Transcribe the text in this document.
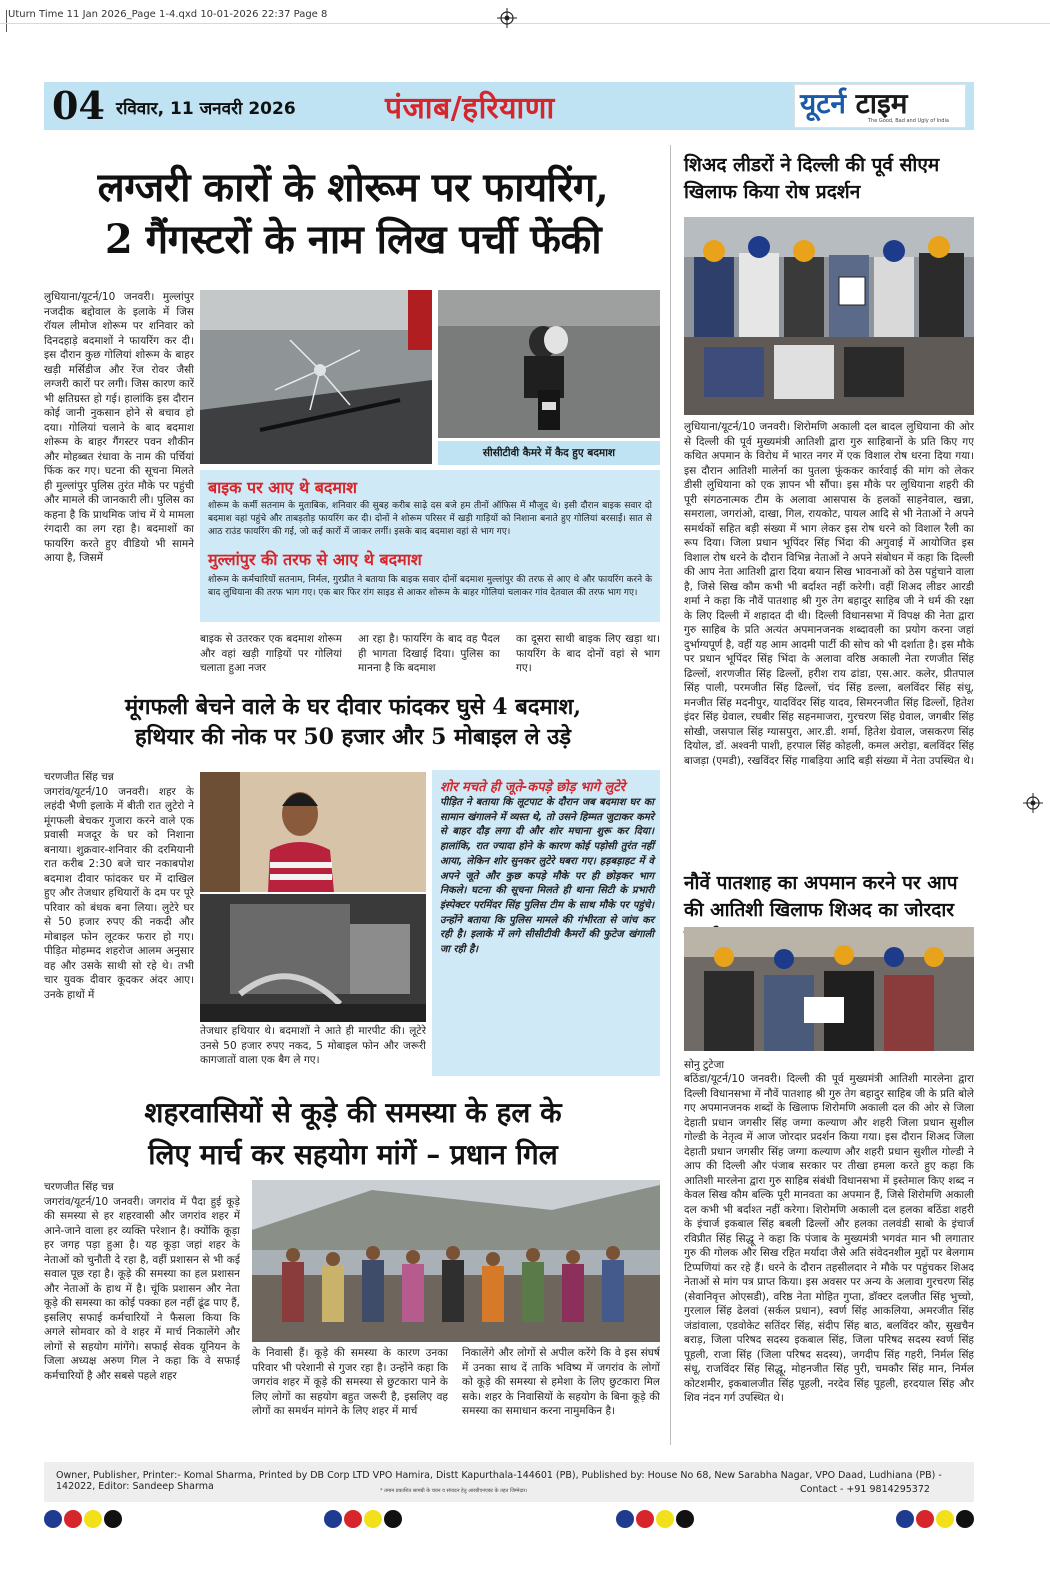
Uturn Time 11 Jan 2026_Page 1-4.qxd 10-01-2026 22:37 Page 8
04 रविवार, 11 जनवरी 2026	पंजाब/हरियाणा	यूटर्न टाइम
The Good, Bad and Ugly of India
लग्जरी कारों के शोरूम पर फायरिंग,
2 गैंगस्टरों के नाम लिख पर्ची फेंकी
लुधियाना/यूटर्न/10 जनवरी। मुल्लांपुर नजदीक बद्दोवाल के इलाके में जिस रॉयल लीमोज शोरूम पर शनिवार को दिनदहाड़े बदमाशों ने फायरिंग कर दी। इस दौरान कुछ गोलियां शोरूम के बाहर खड़ी मर्सिडीज और रेंज रोवर जैसी लग्जरी कारों पर लगी। जिस कारण कारें भी क्षतिग्रस्त हो गई। हालांकि इस दौरान कोई जानी नुकसान होने से बचाव हो दया। गोलियां चलाने के बाद बदमाश शोरूम के बाहर गैंगस्टर पवन शौकीन और मोहब्बत रंधावा के नाम की पर्चियां फिंक कर गए। घटना की सूचना मिलते ही मुल्लांपुर पुलिस तुरंत मौके पर पहुंची और मामले की जानकारी ली। पुलिस का कहना है कि प्राथमिक जांच में ये मामला रंगदारी का लग रहा है। बदमाशों का फायरिंग करते हुए वीडियो भी सामने आया है, जिसमें
सीसीटीवी कैमरे में कैद हुए बदमाश
बाइक पर आए थे बदमाश
शोरूम के कर्मी सतनाम के मुताबिक, शनिवार की सुबह करीब साढ़े दस बजे हम तीनों ऑफिस में मौजूद थे। इसी दौरान बाइक सवार दो बदमाश वहां पहुंचे और ताबड़तोड़ फायरिंग कर दी। दोनों ने शोरूम परिसर में खड़ी गाड़ियों को निशाना बनाते हुए गोलियां बरसाईं। सात से आठ राउंड फायरिंग की गई, जो कई कारों में जाकर लगीं। इसके बाद बदमाश वहां से भाग गए।
मुल्लांपुर की तरफ से आए थे बदमाश
शोरूम के कर्मचारियों सतनाम, निर्मल, गुरप्रीत ने बताया कि बाइक सवार दोनों बदमाश मुल्लांपुर की तरफ से आए थे और फायरिंग करने के बाद लुधियाना की तरफ भाग गए। एक बार फिर रांग साइड से आकर शोरूम के बाहर गोलियां चलाकर गांव देतवाल की तरफ भाग गए।
बाइक से उतरकर एक बदमाश शोरूम और वहां खड़ी गाड़ियों पर गोलियां चलाता हुआ नजर
आ रहा है। फायरिंग के बाद वह पैदल ही भागता दिखाई दिया। पुलिस का मानना है कि बदमाश
का दूसरा साथी बाइक लिए खड़ा था। फायरिंग के बाद दोनों वहां से भाग गए।
मूंगफली बेचने वाले के घर दीवार फांदकर घुसे 4 बदमाश,
हथियार की नोक पर 50 हजार और 5 मोबाइल ले उड़े

चरणजीत सिंह चन्न

जगरांव/यूटर्न/10 जनवरी। शहर के लहंदी भैणी इलाके में बीती रात लुटेरो ने मूंगफली बेचकर गुजारा करने वाले एक प्रवासी मजदूर के घर को निशाना बनाया। शुक्रवार-शनिवार की दरमियानी रात करीब 2:30 बजे चार नकाबपोश बदमाश दीवार फांदकर घर में दाखिल हुए और तेजधार हथियारों के दम पर पूरे परिवार को बंधक बना लिया। लुटेरे घर से 50 हजार रुपए की नकदी और मोबाइल फोन लूटकर फरार हो गए। पीड़ित मोहम्मद शहरोज आलम अनुसार वह और उसके साथी सो रहे थे। तभी चार युवक दीवार कूदकर अंदर आए। उनके हाथों में

तेजधार हथियार थे। बदमाशों ने आते ही मारपीट की। लूटेरे उनसे 50 हजार रुपए नकद, 5 मोबाइल फोन और जरूरी कागजातों वाला एक बैग ले गए।
शोर मचते ही जूते-कपड़े छोड़ भागे लुटेरे
पीड़ित ने बताया कि लूटपाट के दौरान जब बदमाश घर का सामान खंगालने में व्यस्त थे, तो उसने हिम्मत जुटाकर कमरे से बाहर दौड़ लगा दी और शोर मचाना शुरू कर दिया। हालांकि, रात ज्यादा होने के कारण कोई पड़ोसी तुरंत नहीं आया, लेकिन शोर सुनकर लुटेरे घबरा गए। हड़बड़ाहट में वे अपने जूते और कुछ कपड़े मौके पर ही छोड़कर भाग निकले। घटना की सूचना मिलते ही थाना सिटी के प्रभारी इंस्पेक्टर परमिंदर सिंह पुलिस टीम के साथ मौके पर पहुंचे। उन्होंने बताया कि पुलिस मामले की गंभीरता से जांच कर रही है। इलाके में लगे सीसीटीवी कैमरों की फुटेज खंगाली जा रही है।
शहरवासियों से कूड़े की समस्या के हल के
लिए मार्च कर सहयोग मांगें – प्रधान गिल

चरणजीत सिंह चन्न

जगरांव/यूटर्न/10 जनवरी। जगरांव में पैदा हुई कूड़े की समस्या से हर शहरवासी और जगरांव शहर में आने-जाने वाला हर व्यक्ति परेशान है। क्योंकि कूड़ा हर जगह पड़ा हुआ है। यह कूड़ा जहां शहर के नेताओं को चुनौती दे रहा है, वहीं प्रशासन से भी कई सवाल पूछ रहा है। कूड़े की समस्या का हल प्रशासन और नेताओं के हाथ में है। चूंकि प्रशासन और नेता कूड़े की समस्या का कोई पक्का हल नहीं ढूंढ पाए हैं, इसलिए सफाई कर्मचारियों ने फैसला किया कि अगले सोमवार को वे शहर में मार्च निकालेंगे और लोगों से सहयोग मांगेंगे। सफाई सेवक यूनियन के जिला अध्यक्ष अरुण गिल ने कहा कि वे सफाई कर्मचारियों है और सबसे पहले शहर

के निवासी हैं। कूड़े की समस्या के कारण उनका परिवार भी परेशानी से गुजर रहा है। उन्होंने कहा कि जगरांव शहर में कूड़े की समस्या से छुटकारा पाने के लिए लोगों का सहयोग बहुत जरूरी है, इसलिए वह लोगों का समर्थन मांगने के लिए शहर में मार्च
निकालेंगे और लोगों से अपील करेंगे कि वे इस संघर्ष में उनका साथ दें ताकि भविष्य में जगरांव के लोगों को कूड़े की समस्या से हमेशा के लिए छुटकारा मिल सके। शहर के निवासियों के सहयोग के बिना कूड़े की समस्या का समाधान करना नामुमकिन है।
शिअद लीडरों ने दिल्ली की पूर्व सीएम खिलाफ किया रोष प्रदर्शन
लुधियाना/यूटर्न/10 जनवरी। शिरोमणि अकाली दल बादल लुधियाना की ओर से दिल्ली की पूर्व मुख्यमंत्री आतिशी द्वारा गुरु साहिबानों के प्रति किए गए कथित अपमान के विरोध में भारत नगर में एक विशाल रोष धरना दिया गया। इस दौरान आतिशी मालेर्ना का पुतला फूंककर कार्रवाई की मांग को लेकर डीसी लुधियाना को एक ज्ञापन भी सौंपा। इस मौके पर लुधियाना शहरी की पूरी संगठनात्मक टीम के अलावा आसपास के हलकों साहनेवाल, खन्ना, समराला, जगरांओ, दाखा, गिल, रायकोट, पायल आदि से भी नेताओं ने अपने समर्थकों सहित बड़ी संख्या में भाग लेकर इस रोष धरने को विशाल रैली का रूप दिया। जिला प्रधान भूपिंदर सिंह भिंदा की अगुवाई में आयोजित इस विशाल रोष धरने के दौरान विभिन्न नेताओं ने अपने संबोधन में कहा कि दिल्ली की आप नेता आतिशी द्वारा दिया बयान सिख भावनाओं को ठेस पहुंचाने वाला है, जिसे सिख कौम कभी भी बर्दाश्त नहीं करेगी। वहीं शिअद लीडर आरडी शर्मा ने कहा कि नौवें पातशाह श्री गुरु तेग बहादुर साहिब जी ने धर्म की रक्षा के लिए दिल्ली में शहादत दी थी। दिल्ली विधानसभा में विपक्ष की नेता द्वारा गुरु साहिब के प्रति अत्यंत अपमानजनक शब्दावली का प्रयोग करना जहां दुर्भाग्यपूर्ण है, वहीं यह आम आदमी पार्टी की सोच को भी दर्शाता है। इस मौके पर प्रधान भूपिंदर सिंह भिंदा के अलावा वरिष्ठ अकाली नेता रणजीत सिंह ढिल्लों, शरणजीत सिंह ढिल्लों, हरीश राय ढांडा, एस.आर. कलेर, प्रीतपाल सिंह पाली, परमजीत सिंह ढिल्लों, चंद सिंह डल्ला, बलविंदर सिंह संधू, मनजीत सिंह मदनीपुर, यादविंदर सिंह यादव, सिमरनजीत सिंह ढिल्लों, हितेश इंदर सिंह ग्रेवाल, रघबीर सिंह सहनमाजरा, गुरचरण सिंह ग्रेवाल, जगबीर सिंह सोखी, जसपाल सिंह ग्यासपुरा, आर.डी. शर्मा, हितेश ग्रेवाल, जसकरण सिंह दियोल, डॉ. अश्वनी पाशी, हरपाल सिंह कोहली, कमल अरोड़ा, बलविंदर सिंह बाजड़ा (एमडी), रखविंदर सिंह गाबड़िया आदि बड़ी संख्या में नेता उपस्थित थे।
नौवें पातशाह का अपमान करने पर आप की आतिशी खिलाफ शिअद का जोरदार
सोनु टुटेजा
बठिंडा/यूटर्न/10 जनवरी। दिल्ली की पूर्व मुख्यमंत्री आतिशी मारलेना द्वारा दिल्ली विधानसभा में नौवें पातशाह श्री गुरु तेग बहादुर साहिब जी के प्रति बोले गए अपमानजनक शब्दों के खिलाफ शिरोमणि अकाली दल की ओर से जिला देहाती प्रधान जगसीर सिंह जग्गा कल्याण और शहरी जिला प्रधान सुशील गोल्डी के नेतृत्व में आज जोरदार प्रदर्शन किया गया। इस दौरान शिअद जिला देहाती प्रधान जगसीर सिंह जग्गा कल्याण और शहरी प्रधान सुशील गोल्डी ने आप की दिल्ली और पंजाब सरकार पर तीखा हमला करते हुए कहा कि आतिशी मारलेना द्वारा गुरु साहिब संबंधी विधानसभा में इस्तेमाल किए शब्द न केवल सिख कौम बल्कि पूरी मानवता का अपमान हैं, जिसे शिरोमणि अकाली दल कभी भी बर्दाश्त नहीं करेगा। शिरोमणि अकाली दल हलका बठिंडा शहरी के इंचार्ज इकबाल सिंह बबली ढिल्लों और हलका तलवंडी साबो के इंचार्ज रविप्रीत सिंह सिद्धू ने कहा कि पंजाब के मुख्यमंत्री भगवंत मान भी लगातार गुरु की गोलक और सिख रहित मर्यादा जैसे अति संवेदनशील मुद्दों पर बेलगाम टिप्पणियां कर रहे हैं। धरने के दौरान तहसीलदार ने मौके पर पहुंचकर शिअद नेताओं से मांग पत्र प्राप्त किया। इस अवसर पर अन्य के अलावा गुरचरण सिंह (सेवानिवृत्त ओएसडी), वरिष्ठ नेता मोहित गुप्ता, डॉक्टर दलजीत सिंह भुच्चो, गुरलाल सिंह ढेलवां (सर्कल प्रधान), स्वर्ण सिंह आकलिया, अमरजीत सिंह जंडांवाला, एडवोकेट सतिंदर सिंह, संदीप सिंह बाठ, बलविंदर कौर, सुखचैन बराड़, जिला परिषद सदस्य इकबाल सिंह, जिला परिषद सदस्य स्वर्ण सिंह पूहली, राजा सिंह (जिला परिषद सदस्य), जगदीप सिंह गहरी, निर्मल सिंह संधू, राजविंदर सिंह सिद्धू, मोहनजीत सिंह पुरी, चमकौर सिंह मान, निर्मल कोटशमीर, इकबालजीत सिंह पूहली, नरदेव सिंह पूहली, हरदयाल सिंह और शिव नंदन गर्ग उपस्थित थे।
Owner, Publisher, Printer:- Komal Sharma, Printed by DB Corp LTD VPO Hamira, Distt Kapurthala-144601 (PB), Published by: House No 68, New Sarabha Nagar, VPO Daad, Ludhiana (PB) - 142022, Editor: Sandeep Sharma	* तमाम प्रकाशित सामग्री के चयन व संपादन हेतु आरबीएनएक्ट के तहत जिम्मेदार।	Contact - +91 9814295372
